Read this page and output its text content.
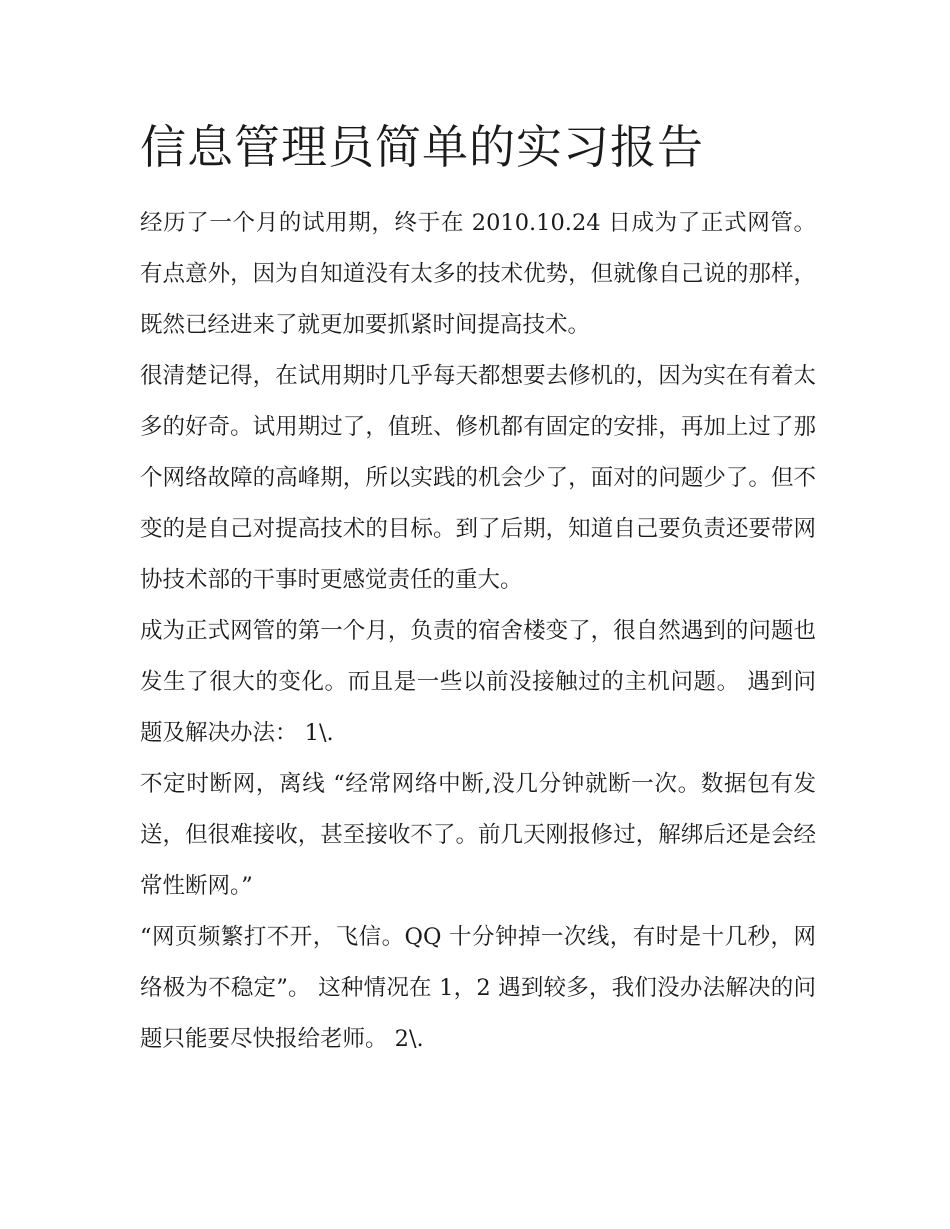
信息管理员简单的实习报告

经历了一个月的试用期，终于在 2010.10.24 日成为了正式网管。有点意外，因为自知道没有太多的技术优势，但就像自己说的那样，既然已经进来了就更加要抓紧时间提高技术。

很清楚记得，在试用期时几乎每天都想要去修机的，因为实在有着太多的好奇。试用期过了，值班、修机都有固定的安排，再加上过了那个网络故障的高峰期，所以实践的机会少了，面对的问题少了。但不变的是自己对提高技术的目标。到了后期，知道自己要负责还要带网协技术部的干事时更感觉责任的重大。

成为正式网管的第一个月，负责的宿舍楼变了，很自然遇到的问题也发生了很大的变化。而且是一些以前没接触过的主机问题。 遇到问题及解决办法： 1\.

不定时断网，离线 “经常网络中断,没几分钟就断一次。数据包有发送，但很难接收，甚至接收不了。前几天刚报修过，解绑后还是会经常性断网。”

“网页频繁打不开，飞信。QQ 十分钟掉一次线，有时是十几秒，网络极为不稳定”。 这种情况在 1，2 遇到较多，我们没办法解决的问题只能要尽快报给老师。 2\.
